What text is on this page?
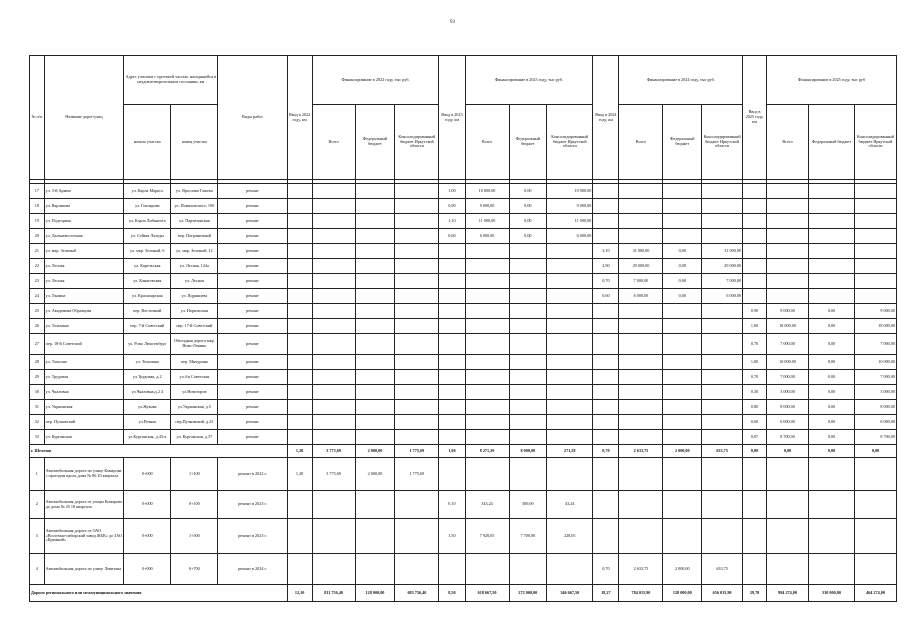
93
№ п/п	Название дорог/улиц	Адрес участков с проезжей частью, находящейся в неудовлетворительном состоянии, км		Виды работ	Ввод в 2022 году, км	Финансирование в 2022 году, тыс руб.			Ввод в 2023 году, км	Финансирование в 2023 году, тыс руб.			Ввод в 2024 году, км	Финансирование в 2024 году, тыс руб.			Ввод в 2025 году, км	Финансирование в 2025 году, тыс руб		
		начало участка	конец участка			Всего	Федеральный бюджет	Консолидированный бюджет Иркутской области		Всего	Федеральный бюджет	Консолидированный бюджет Иркутской области		Всего	Федеральный бюджет	Консолидированный бюджет Иркутской области		Всего	Федеральный бюджет	Консолидированный бюджет Иркутской области

17	ул. 3-й Армии	ул. Карла Маркса	ул. Ярослава Гашека	ремонт					1,00	10 000,00	0,00	10 000,00								
18	ул. Варлакова	ул. Гончарова	ул. Помяловского, 19б	ремонт					0,90	9 000,00	0,00	9 000,00								
19	ул. Подгорная	ул. Карла Либкнехта	ул. Партизанская	ремонт					1,10	11 000,00	0,00	11 000,00								
20	ул. Дальневосточная	ул. Сеймы Лазоды	пер. Пограничный	ремонт					0,60	6 000,00	0,00	6 000,00								
21	ул. мкр. Зеленый	ул. мкр. Зеленый, 6	ул. мкр. Зеленый, 12	ремонт									3,10	31 000,00	0,00	31 000,00				
22	ул. Лесная	ул. Карельская	ул. Лесная, 124а	ремонт									2,90	29 000,00	0,00	29 000,00				
23	ул. Лесная	ул. Канатовская	ул. Лесная	ремонт									0,70	7 000,00	0,00	7 000,00				
24	ул. Лызина	ул. Красноярская	ул. Ядринцева	ремонт									0,60	6 000,00	0,00	6 000,00				
25	ул. Академика Образцова	пер. Восточный	ул. Норильская	ремонт													0,90	9 000,00	0,00	9 000,00
26	ул. Тольмана	пер. 7-й Советский	пер. 17-й Советский	ремонт													1,80	18 000,00	0,00	18 000,00
27	пер. 18-й Советский	ул. Розы Люксембург	Объездная дорога мкр. Ново-Ленино	ремонт													0,70	7 000,00	0,00	7 000,00
28	ул. Томсона	ул. Тольмана	пер. Мичурина	ремонт													1,00	10 000,00	0,00	10 000,00
29	ул. Трудовая	ул.Трудовая, д.2	ул.4-я Советская	ремонт													0,70	7 000,00	0,00	7 000,00
30	ул. Чкаловна	ул.Чкаловна,д.2 4	ул.Новоторов	ремонт													0,30	3 000,00	0,00	3 000,00
31	ул. Украинская	ул.Жукова	ул.Украинская, д.5	ремонт													0,80	8 000,00	0,00	8 000,00
32	пер. Пулковский	ул.Речная	пер.Пулковский, д.23	ремонт													0,60	6 000,00	0,00	6 000,00
33	ул. Курганская	ул.Курганская, д.43-а	ул. Курганская, д.37	ремонт													0,87	8 700,00	0,00	8 700,00
г. Шелехов					1,20	3 775,69	2 000,00	1 775,69	1,60	8 271,29	8 000,00	271,29	0,70	2 633,75	2 000,00	633,75	0,00	0,00	0,00	0,00
1	Автомобильная дорога по улице Комарова с проездом вдоль дома № 86 20 квартала	0+000	1+100	ремонт в 2022 г.	1,20	3 775,69	2 000,00	1 775,69												
2	Автомобильная дорога от улицы Комарова до дома № 45 18 квартала	0+000	0+100	ремонт в 2023 г.					0,10	343,24	300,00	43,24								
3	Автомобильная дорога от ОАО «Восточно-сибирский завод ЖБК» до ЗАО «Кремний»	0+000	1+500	ремонт в 2023 г.					1,50	7 928,05	7 700,00	228,05								
4	Автомобильная дорога по улице Левитана	0+000	0+700	ремонт в 2024 г.									0,70	2 633,75	2 000,00	633,75				
Дороги регионального или межмуниципального значения					12,10	811 756,40	128 000,00	683 756,40	8,50	618 667,50	272 000,00	346 667,50	18,27	784 015,90	128 000,00	656 015,90	29,70	994 274,00	530 000,00	464 274,00
